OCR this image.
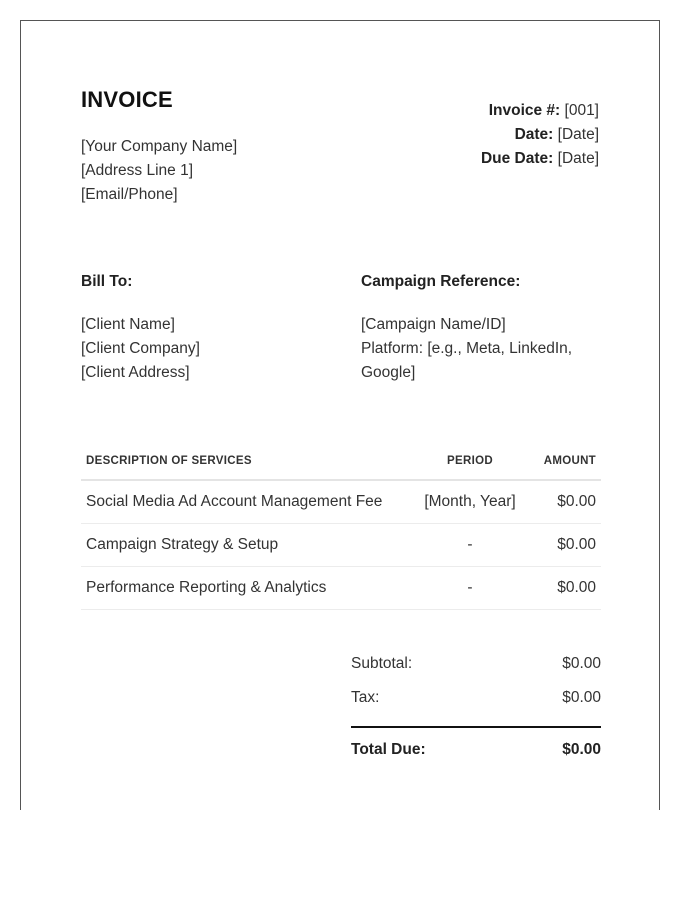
INVOICE
[Your Company Name]
[Address Line 1]
[Email/Phone]
Invoice #: [001]
Date: [Date]
Due Date: [Date]
Bill To:	Campaign Reference:
[Client Name]
[Client Company]
[Client Address]
[Campaign Name/ID]
Platform: [e.g., Meta, LinkedIn, Google]
DESCRIPTION OF SERVICES	PERIOD	AMOUNT
Social Media Ad Account Management Fee	[Month, Year]	$0.00
Campaign Strategy & Setup	-	$0.00
Performance Reporting & Analytics	-	$0.00
Subtotal:	$0.00
Tax:	$0.00
Total Due:	$0.00
